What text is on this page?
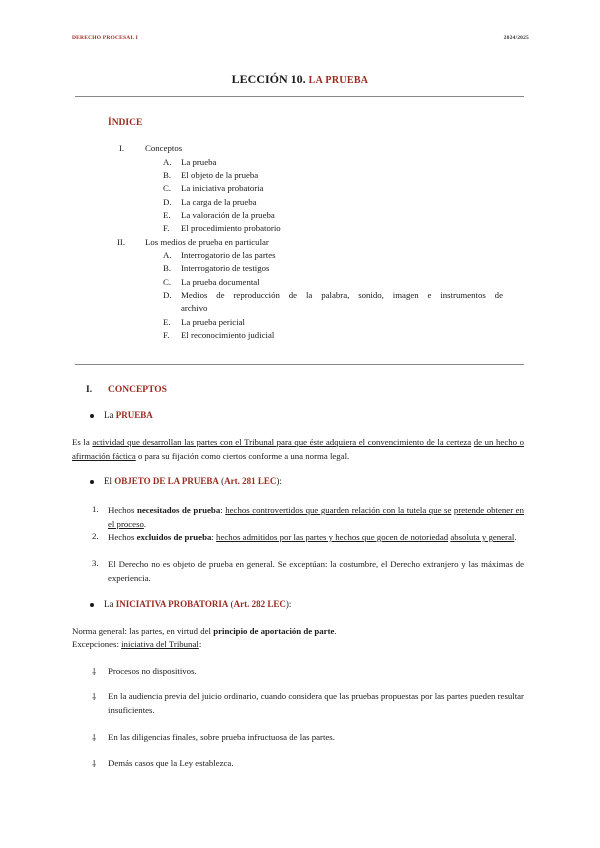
DERECHO PROCESAL I	2024/2025
LECCIÓN 10. LA PRUEBA
ÍNDICE
I. Conceptos
A. La prueba
B. El objeto de la prueba
C. La iniciativa probatoria
D. La carga de la prueba
E. La valoración de la prueba
F. El procedimiento probatorio
II. Los medios de prueba en particular
A. Interrogatorio de las partes
B. Interrogatorio de testigos
C. La prueba documental
D. Medios de reproducción de la palabra, sonido, imagen e instrumentos de
archivo
E. La prueba pericial
F. El reconocimiento judicial
I. CONCEPTOS
La PRUEBA
Es la actividad que desarrollan las partes con el Tribunal para que éste adquiera el convencimiento de la certeza de un hecho o afirmación fáctica o para su fijación como ciertos conforme a una norma legal.
El OBJETO DE LA PRUEBA (Art. 281 LEC):
1. Hechos necesitados de prueba: hechos controvertidos que guarden relación con la tutela que se pretende obtener en el proceso.
2. Hechos excluidos de prueba: hechos admitidos por las partes y hechos que gocen de notoriedad absoluta y general.
3. El Derecho no es objeto de prueba en general. Se exceptúan: la costumbre, el Derecho extranjero y las máximas de experiencia.
La INICIATIVA PROBATORIA (Art. 282 LEC):
Norma general: las partes, en virtud del principio de aportación de parte.
Excepciones: iniciativa del Tribunal:
⸸ Procesos no dispositivos.
⸸ En la audiencia previa del juicio ordinario, cuando considera que las pruebas propuestas por las partes pueden resultar insuficientes.
⸸ En las diligencias finales, sobre prueba infructuosa de las partes.
⸸ Demás casos que la Ley establezca.
